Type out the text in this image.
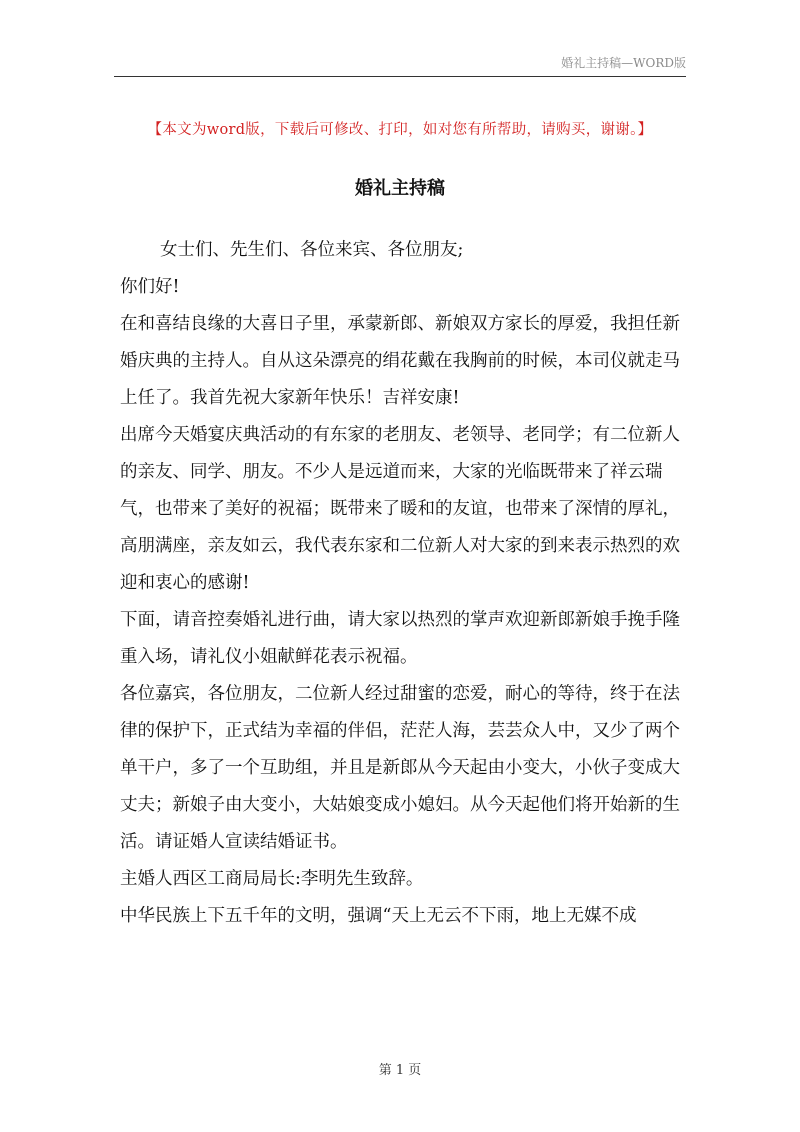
婚礼主持稿—WORD版
【本文为word版，下载后可修改、打印，如对您有所帮助，请购买，谢谢。】
婚礼主持稿

女士们、先生们、各位来宾、各位朋友;

你们好!

在和喜结良缘的大喜日子里，承蒙新郎、新娘双方家长的厚爱，我担任新婚庆典的主持人。自从这朵漂亮的绢花戴在我胸前的时候，本司仪就走马上任了。我首先祝大家新年快乐！吉祥安康!

出席今天婚宴庆典活动的有东家的老朋友、老领导、老同学；有二位新人的亲友、同学、朋友。不少人是远道而来，大家的光临既带来了祥云瑞气，也带来了美好的祝福；既带来了暖和的友谊，也带来了深情的厚礼，高朋满座，亲友如云，我代表东家和二位新人对大家的到来表示热烈的欢迎和衷心的感谢!

下面，请音控奏婚礼进行曲，请大家以热烈的掌声欢迎新郎新娘手挽手隆重入场，请礼仪小姐献鲜花表示祝福。

各位嘉宾，各位朋友，二位新人经过甜蜜的恋爱，耐心的等待，终于在法律的保护下，正式结为幸福的伴侣，茫茫人海，芸芸众人中，又少了两个单干户，多了一个互助组，并且是新郎从今天起由小变大，小伙子变成大丈夫；新娘子由大变小，大姑娘变成小媳妇。从今天起他们将开始新的生活。请证婚人宣读结婚证书。

主婚人西区工商局局长:李明先生致辞。

中华民族上下五千年的文明，强调“天上无云不下雨，地上无媒不成

第 1 页
